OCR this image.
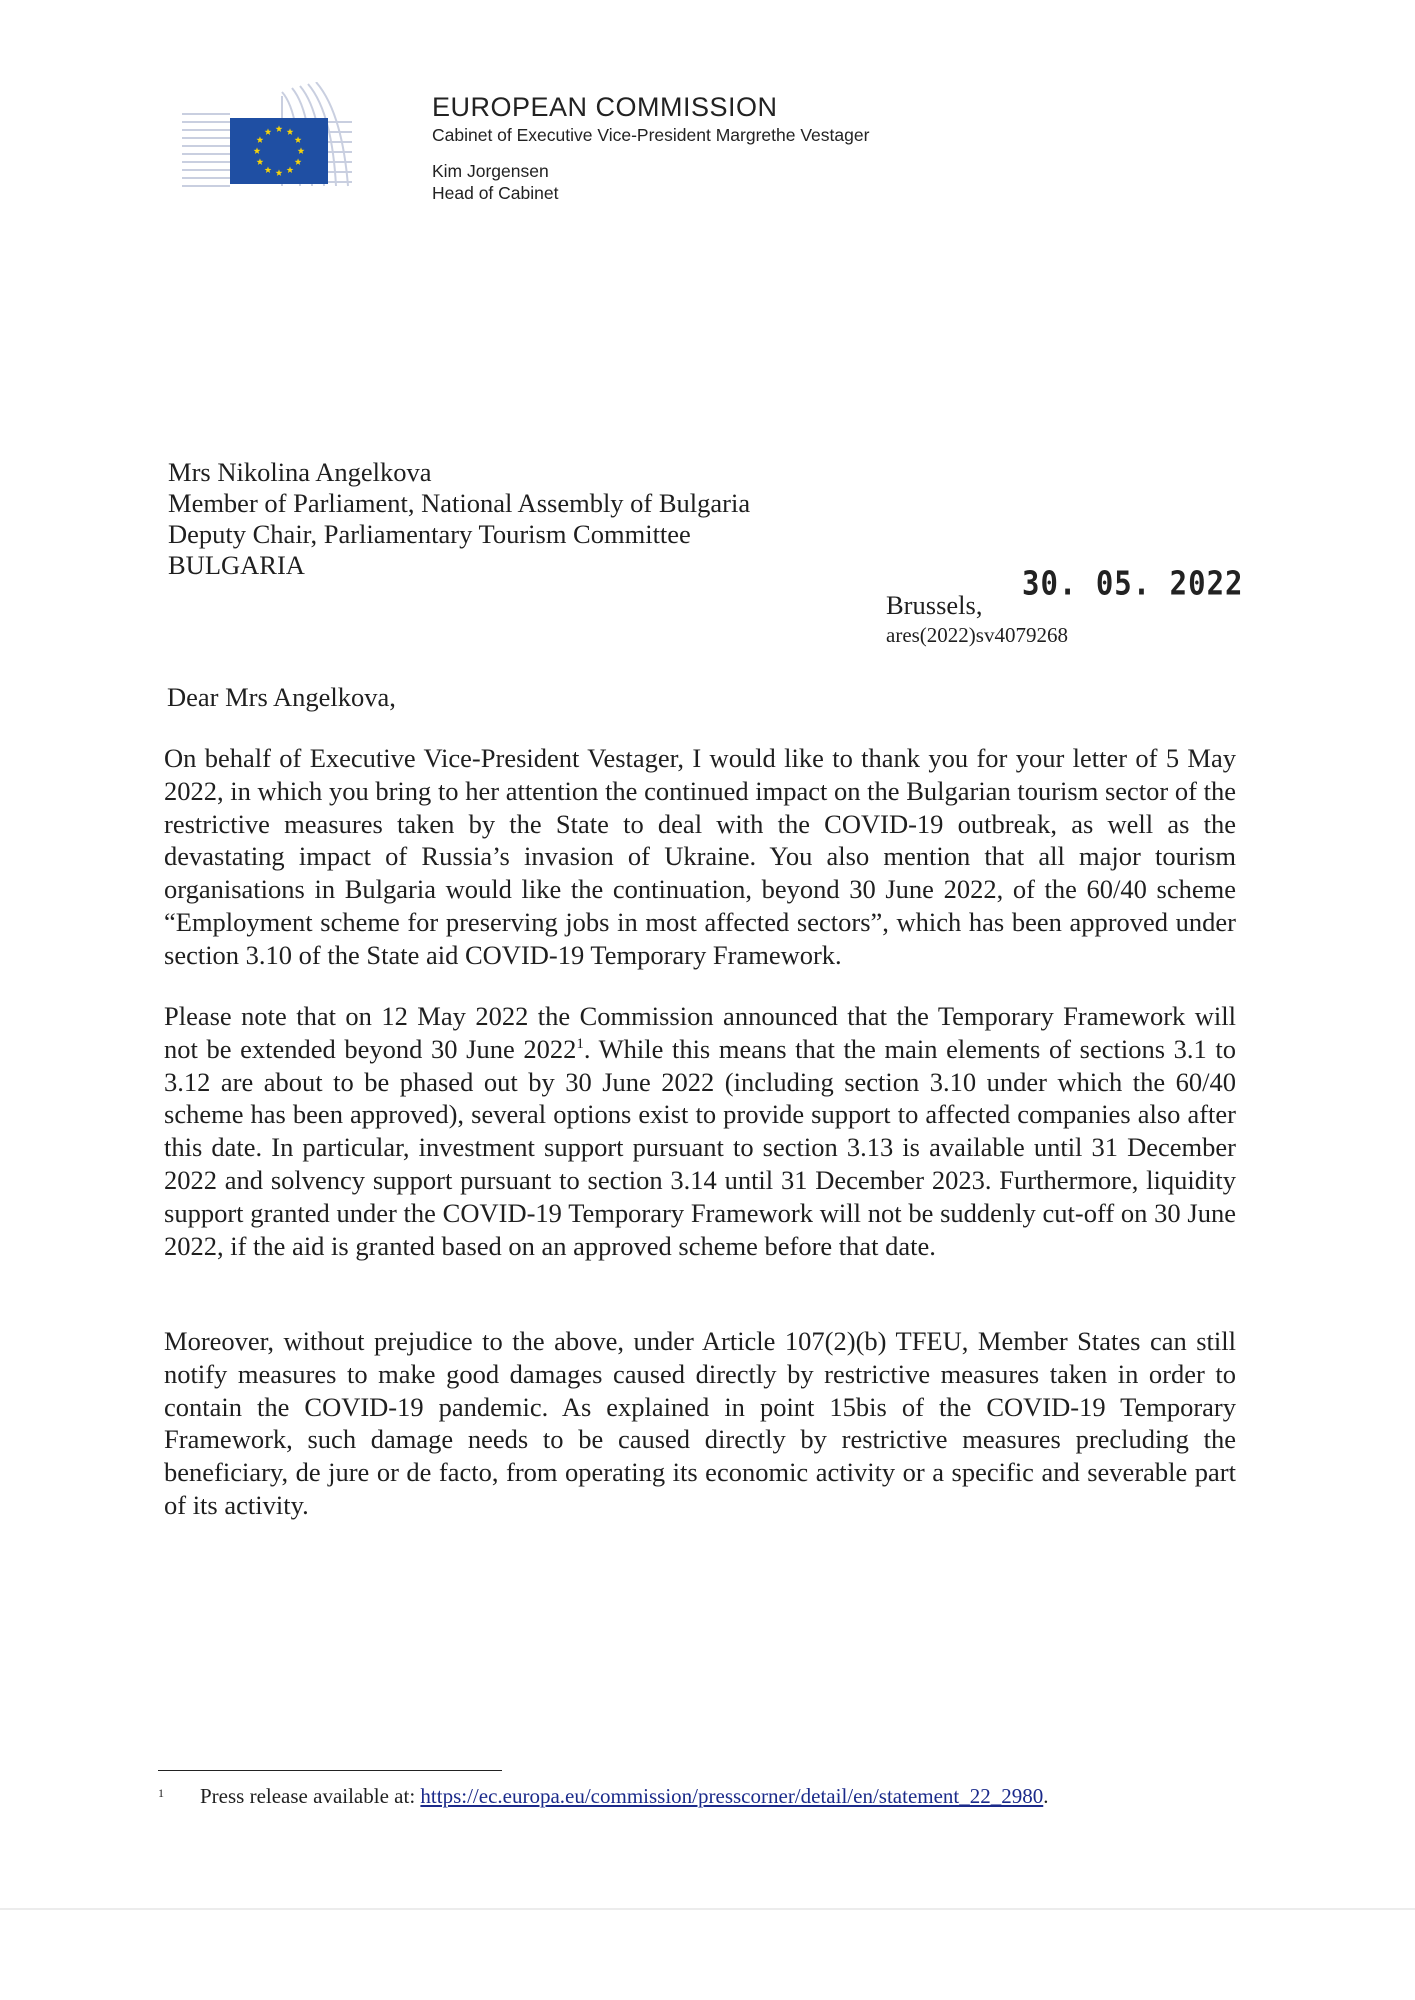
EUROPEAN COMMISSION
Cabinet of Executive Vice-President Margrethe Vestager
Kim Jorgensen
Head of Cabinet
Mrs Nikolina Angelkova
Member of Parliament, National Assembly of Bulgaria
Deputy Chair, Parliamentary Tourism Committee
BULGARIA	30. 05. 2022
Brussels,
ares(2022)sv4079268
Dear Mrs Angelkova,

On behalf of Executive Vice-President Vestager, I would like to thank you for your letter of 5 May 2022, in which you bring to her attention the continued impact on the Bulgarian tourism sector of the restrictive measures taken by the State to deal with the COVID-19 outbreak, as well as the devastating impact of Russia’s invasion of Ukraine. You also mention that all major tourism organisations in Bulgaria would like the continuation, beyond 30 June 2022, of the 60/40 scheme “Employment scheme for preserving jobs in most affected sectors”, which has been approved under section 3.10 of the State aid COVID-19 Temporary Framework.

Please note that on 12 May 2022 the Commission announced that the Temporary Framework will not be extended beyond 30 June 2022$^1$. While this means that the main elements of sections 3.1 to 3.12 are about to be phased out by 30 June 2022 (including section 3.10 under which the 60/40 scheme has been approved), several options exist to provide support to affected companies also after this date. In particular, investment support pursuant to section 3.13 is available until 31 December 2022 and solvency support pursuant to section 3.14 until 31 December 2023. Furthermore, liquidity support granted under the COVID-19 Temporary Framework will not be suddenly cut-off on 30 June 2022, if the aid is granted based on an approved scheme before that date.

Moreover, without prejudice to the above, under Article 107(2)(b) TFEU, Member States can still notify measures to make good damages caused directly by restrictive measures taken in order to contain the COVID-19 pandemic. As explained in point 15bis of the COVID-19 Temporary Framework, such damage needs to be caused directly by restrictive measures precluding the beneficiary, de jure or de facto, from operating its economic activity or a specific and severable part of its activity.

1 Press release available at: https://ec.europa.eu/commission/presscorner/detail/en/statement_22_2980.
